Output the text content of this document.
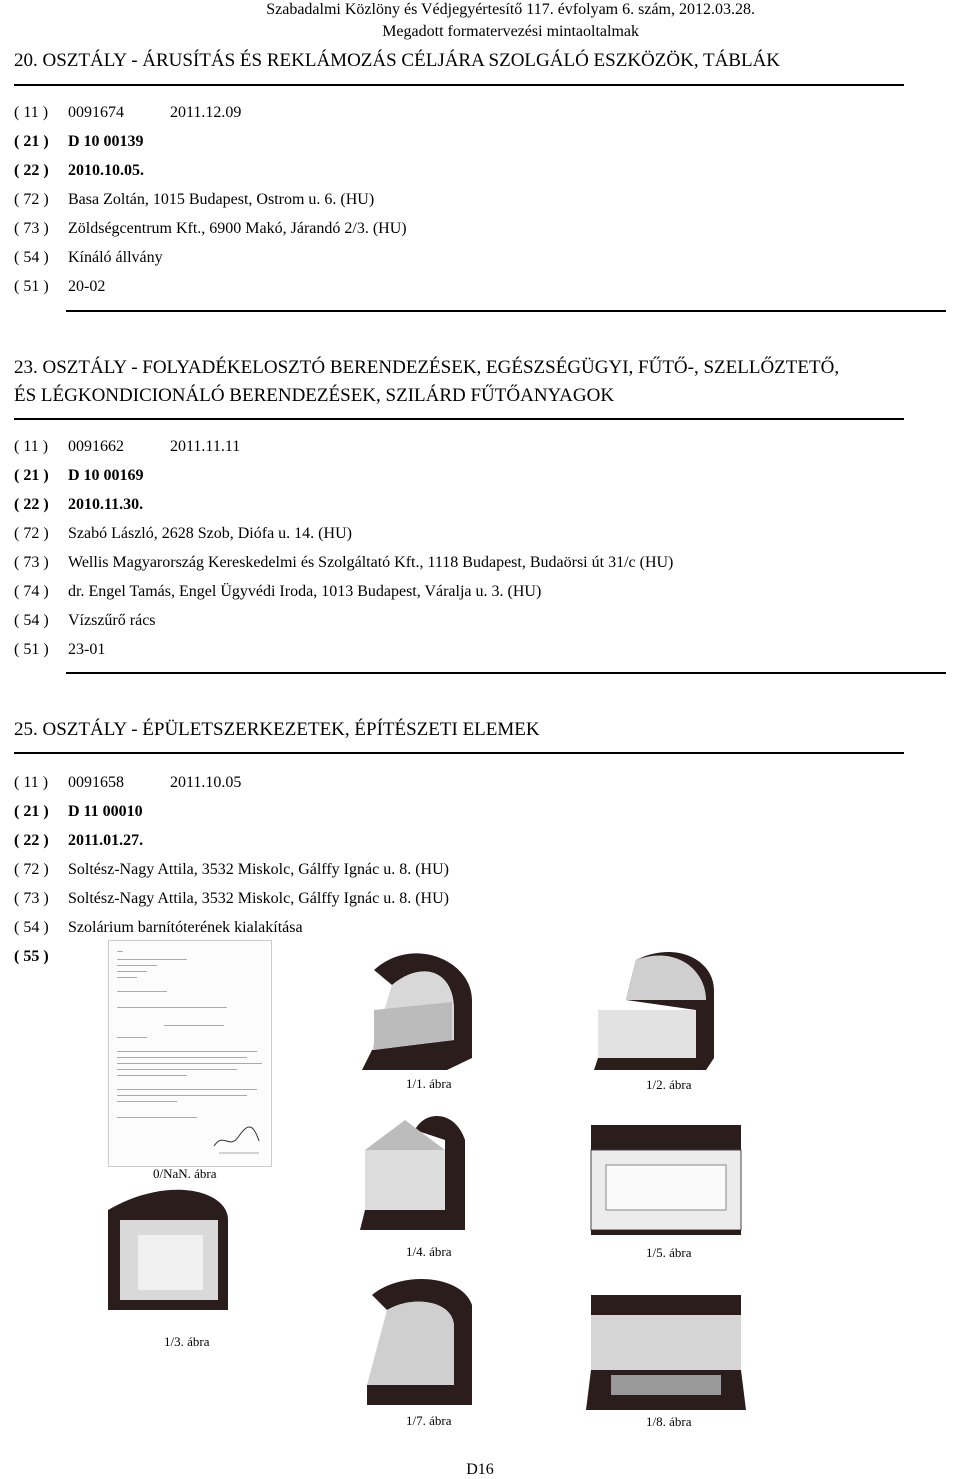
Szabadalmi Közlöny és Védjegyértesítő 117. évfolyam 6. szám, 2012.03.28.
Megadott formatervezési mintaoltalmak
20. OSZTÁLY - ÁRUSÍTÁS ÉS REKLÁMOZÁS CÉLJÁRA SZOLGÁLÓ ESZKÖZÖK, TÁBLÁK
( 11 ) 0091674	2011.12.09
( 21 ) D 10 00139
( 22 ) 2010.10.05.
( 72 ) Basa Zoltán, 1015 Budapest, Ostrom u. 6. (HU)
( 73 ) Zöldségcentrum Kft., 6900 Makó, Járandó 2/3. (HU)
( 54 ) Kínáló állvány
( 51 ) 20-02
23. OSZTÁLY - FOLYADÉKELOSZTÓ BERENDEZÉSEK, EGÉSZSÉGÜGYI, FŰTŐ-, SZELLŐZTETŐ,
ÉS LÉGKONDICIONÁLÓ BERENDEZÉSEK, SZILÁRD FŰTŐANYAGOK
( 11 ) 0091662	2011.11.11
( 21 ) D 10 00169
( 22 ) 2010.11.30.
( 72 ) Szabó László, 2628 Szob, Diófa u. 14. (HU)
( 73 ) Wellis Magyarország Kereskedelmi és Szolgáltató Kft., 1118 Budapest, Budaörsi út 31/c (HU)
( 74 ) dr. Engel Tamás, Engel Ügyvédi Iroda, 1013 Budapest, Váralja u. 3. (HU)
( 54 ) Vízszűrő rács
( 51 ) 23-01
25. OSZTÁLY - ÉPÜLETSZERKEZETEK, ÉPÍTÉSZETI ELEMEK
( 11 ) 0091658	2011.10.05
( 21 ) D 11 00010
( 22 ) 2011.01.27.
( 72 ) Soltész-Nagy Attila, 3532 Miskolc, Gálffy Ignác u. 8. (HU)
( 73 ) Soltész-Nagy Attila, 3532 Miskolc, Gálffy Ignác u. 8. (HU)
( 54 ) Szolárium barnítóterének kialakítása
( 55 )
0/NaN. ábra
1/1. ábra	1/2. ábra
1/3. ábra
1/4. ábra	1/5. ábra
1/7. ábra	1/8. ábra
D16
